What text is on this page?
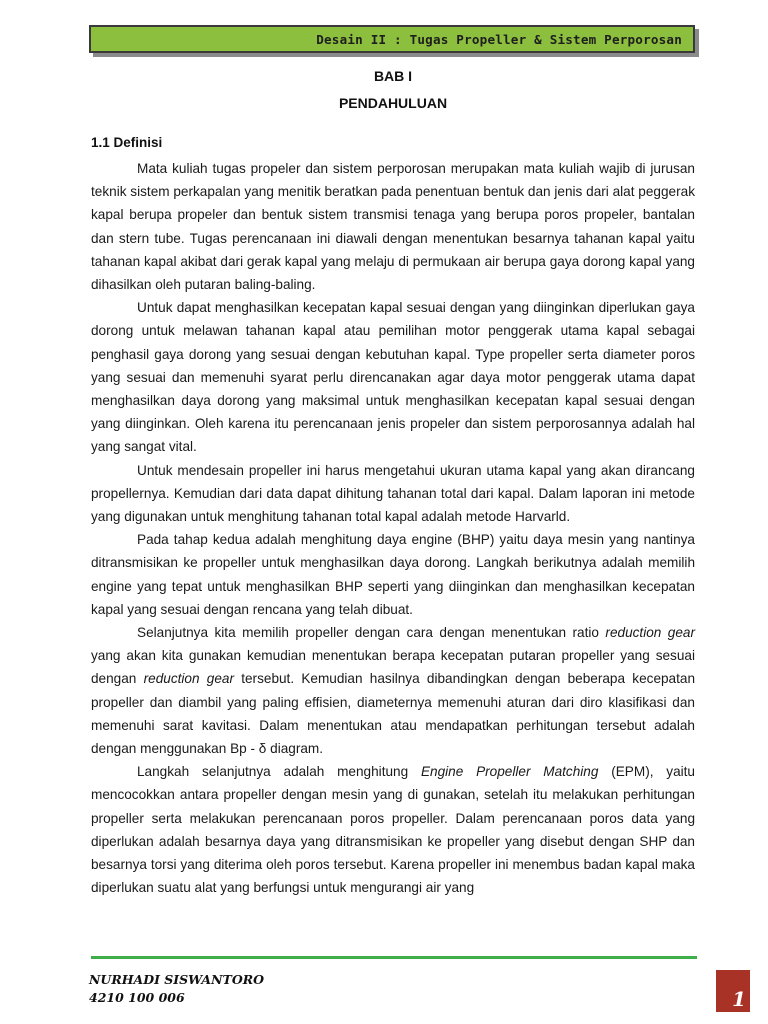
Desain II : Tugas Propeller & Sistem Perporosan
BAB I
PENDAHULUAN
1.1 Definisi

Mata kuliah tugas propeler dan sistem perporosan merupakan mata kuliah wajib di jurusan teknik sistem perkapalan yang menitik beratkan pada penentuan bentuk dan jenis dari alat peggerak kapal berupa propeler dan bentuk sistem transmisi tenaga yang berupa poros propeler, bantalan dan stern tube. Tugas perencanaan ini diawali dengan menentukan besarnya tahanan kapal yaitu tahanan kapal akibat dari gerak kapal yang melaju di permukaan air berupa gaya dorong kapal yang dihasilkan oleh putaran baling-baling.

Untuk dapat menghasilkan kecepatan kapal sesuai dengan yang diinginkan diperlukan gaya dorong untuk melawan tahanan kapal atau pemilihan motor penggerak utama kapal sebagai penghasil gaya dorong yang sesuai dengan kebutuhan kapal. Type propeller serta diameter poros yang sesuai dan memenuhi syarat perlu direncanakan agar daya motor penggerak utama dapat menghasilkan daya dorong yang maksimal untuk menghasilkan kecepatan kapal sesuai dengan yang diinginkan. Oleh karena itu perencanaan jenis propeler dan sistem perporosannya adalah hal yang sangat vital.

Untuk mendesain propeller ini harus mengetahui ukuran utama kapal yang akan dirancang propellernya. Kemudian dari data dapat dihitung tahanan total dari kapal. Dalam laporan ini metode yang digunakan untuk menghitung tahanan total kapal adalah metode Harvarld.

Pada tahap kedua adalah menghitung daya engine (BHP) yaitu daya mesin yang nantinya ditransmisikan ke propeller untuk menghasilkan daya dorong. Langkah berikutnya adalah memilih engine yang tepat untuk menghasilkan BHP seperti yang diinginkan dan menghasilkan kecepatan kapal yang sesuai dengan rencana yang telah dibuat.

Selanjutnya kita memilih propeller dengan cara dengan menentukan ratio reduction gear yang akan kita gunakan kemudian menentukan berapa kecepatan putaran propeller yang sesuai dengan reduction gear tersebut. Kemudian hasilnya dibandingkan dengan beberapa kecepatan propeller dan diambil yang paling effisien, diameternya memenuhi aturan dari diro klasifikasi dan memenuhi sarat kavitasi. Dalam menentukan atau mendapatkan perhitungan tersebut adalah dengan menggunakan Bp - δ diagram.

Langkah selanjutnya adalah menghitung Engine Propeller Matching (EPM), yaitu mencocokkan antara propeller dengan mesin yang di gunakan, setelah itu melakukan perhitungan propeller serta melakukan perencanaan poros propeller. Dalam perencanaan poros data yang diperlukan adalah besarnya daya yang ditransmisikan ke propeller yang disebut dengan SHP dan besarnya torsi yang diterima oleh poros tersebut. Karena propeller ini menembus badan kapal maka diperlukan suatu alat yang berfungsi untuk mengurangi air yang

NURHADI SISWANTORO
4210 100 006	1
